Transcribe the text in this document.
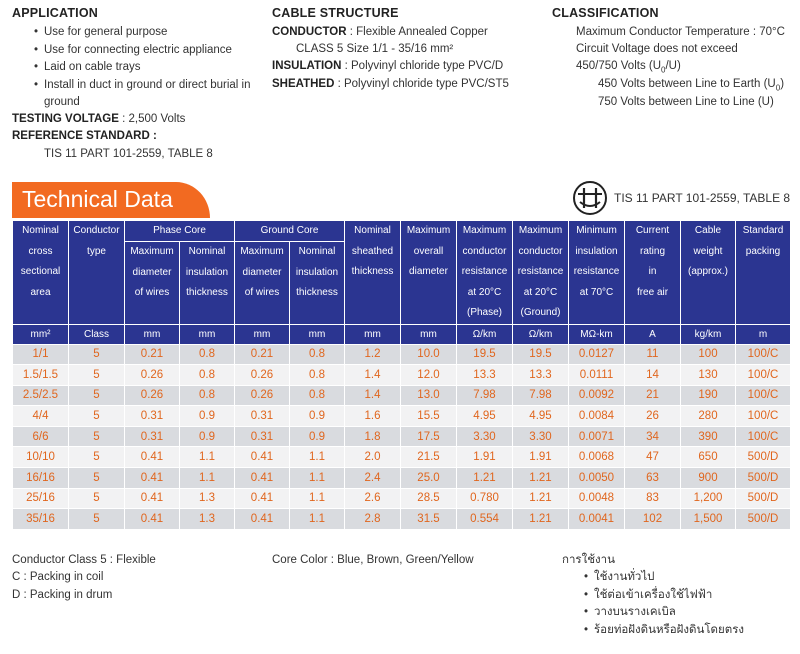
APPLICATION
• Use for general purpose
• Use for connecting electric appliance
• Laid on cable trays
• Install in duct in ground or direct burial in ground
TESTING VOLTAGE : 2,500 Volts
REFERENCE STANDARD :
TIS 11 PART 101-2559, TABLE 8
CABLE STRUCTURE
CONDUCTOR : Flexible Annealed Copper
CLASS 5 Size 1/1 - 35/16 mm²
INSULATION : Polyvinyl chloride type PVC/D
SHEATHED : Polyvinyl chloride type PVC/ST5
CLASSIFICATION
Maximum Conductor Temperature : 70°C
Circuit Voltage does not exceed
450/750 Volts $(U_0/U)$
450 Volts between Line to Earth $(U_0)$
750 Volts between Line to Line (U)
Technical Data	TIS 11 PART 101-2559, TABLE 8
Nominal
cross
sectional
area	Conductor
type	Phase Core		Ground Core		Nominal
sheathed
thickness	Maximum
overall
diameter	Maximum
conductor
resistance
at 20°C
(Phase)	Maximum
conductor
resistance
at 20°C
(Ground)	Minimum
insulation
resistance
at 70°C	Current
rating
in
free air	Cable
weight
(approx.)	Standard
packing

		Maximum
diameter
of wires	Nominal
insulation
thickness	Maximum
diameter
of wires	Nominal
insulation
thickness								

mm²	Class	mm	mm	mm	mm	mm	mm	Ω/km	Ω/km	MΩ-km	A	kg/km	m
1/1	5	0.21	0.8	0.21	0.8	1.2	10.0	19.5	19.5	0.0127	11	100	100/C
1.5/1.5	5	0.26	0.8	0.26	0.8	1.4	12.0	13.3	13.3	0.0111	14	130	100/C
2.5/2.5	5	0.26	0.8	0.26	0.8	1.4	13.0	7.98	7.98	0.0092	21	190	100/C
4/4	5	0.31	0.9	0.31	0.9	1.6	15.5	4.95	4.95	0.0084	26	280	100/C
6/6	5	0.31	0.9	0.31	0.9	1.8	17.5	3.30	3.30	0.0071	34	390	100/C
10/10	5	0.41	1.1	0.41	1.1	2.0	21.5	1.91	1.91	0.0068	47	650	500/D
16/16	5	0.41	1.1	0.41	1.1	2.4	25.0	1.21	1.21	0.0050	63	900	500/D
25/16	5	0.41	1.3	0.41	1.1	2.6	28.5	0.780	1.21	0.0048	83	1,200	500/D
35/16	5	0.41	1.3	0.41	1.1	2.8	31.5	0.554	1.21	0.0041	102	1,500	500/D
Conductor Class 5 : Flexible
C : Packing in coil
D : Packing in drum
Core Color : Blue, Brown, Green/Yellow	การใช้งาน
• ใช้งานทั่วไป
• ใช้ต่อเข้าเครื่องใช้ไฟฟ้า
• วางบนรางเคเบิล
• ร้อยท่อฝังดินหรือฝังดินโดยตรง
